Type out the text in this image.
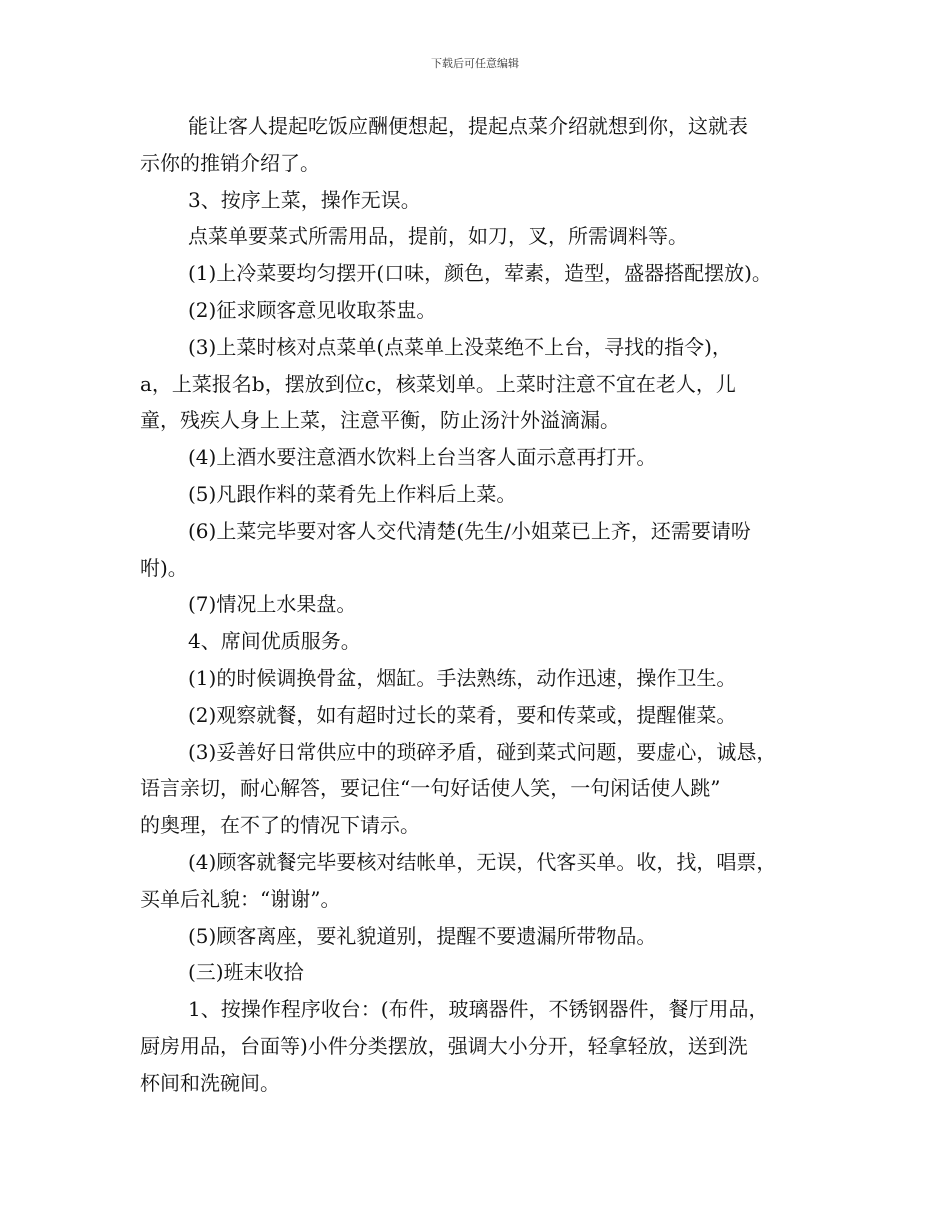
下载后可任意编辑

能让客人提起吃饭应酬便想起，提起点菜介绍就想到你，这就表
示你的推销介绍了。

3、按序上菜，操作无误。

点菜单要菜式所需用品，提前，如刀，叉，所需调料等。

(1)上冷菜要均匀摆开(口味，颜色，荤素，造型，盛器搭配摆放)。

(2)征求顾客意见收取茶盅。

(3)上菜时核对点菜单(点菜单上没菜绝不上台，寻找的指令)，
a，上菜报名b，摆放到位c，核菜划单。上菜时注意不宜在老人，儿
童，残疾人身上上菜，注意平衡，防止汤汁外溢滴漏。

(4)上酒水要注意酒水饮料上台当客人面示意再打开。

(5)凡跟作料的菜肴先上作料后上菜。

(6)上菜完毕要对客人交代清楚(先生/小姐菜已上齐，还需要请吩
咐)。

(7)情况上水果盘。

4、席间优质服务。

(1)的时候调换骨盆，烟缸。手法熟练，动作迅速，操作卫生。

(2)观察就餐，如有超时过长的菜肴，要和传菜或，提醒催菜。

(3)妥善好日常供应中的琐碎矛盾，碰到菜式问题，要虚心，诚恳，
语言亲切，耐心解答，要记住“一句好话使人笑，一句闲话使人跳”
的奥理，在不了的情况下请示。

(4)顾客就餐完毕要核对结帐单，无误，代客买单。收，找，唱票，
买单后礼貌：“谢谢”。

(5)顾客离座，要礼貌道别，提醒不要遗漏所带物品。

(三)班末收拾

1、按操作程序收台：(布件，玻璃器件，不锈钢器件，餐厅用品，
厨房用品，台面等)小件分类摆放，强调大小分开，轻拿轻放，送到洗
杯间和洗碗间。
